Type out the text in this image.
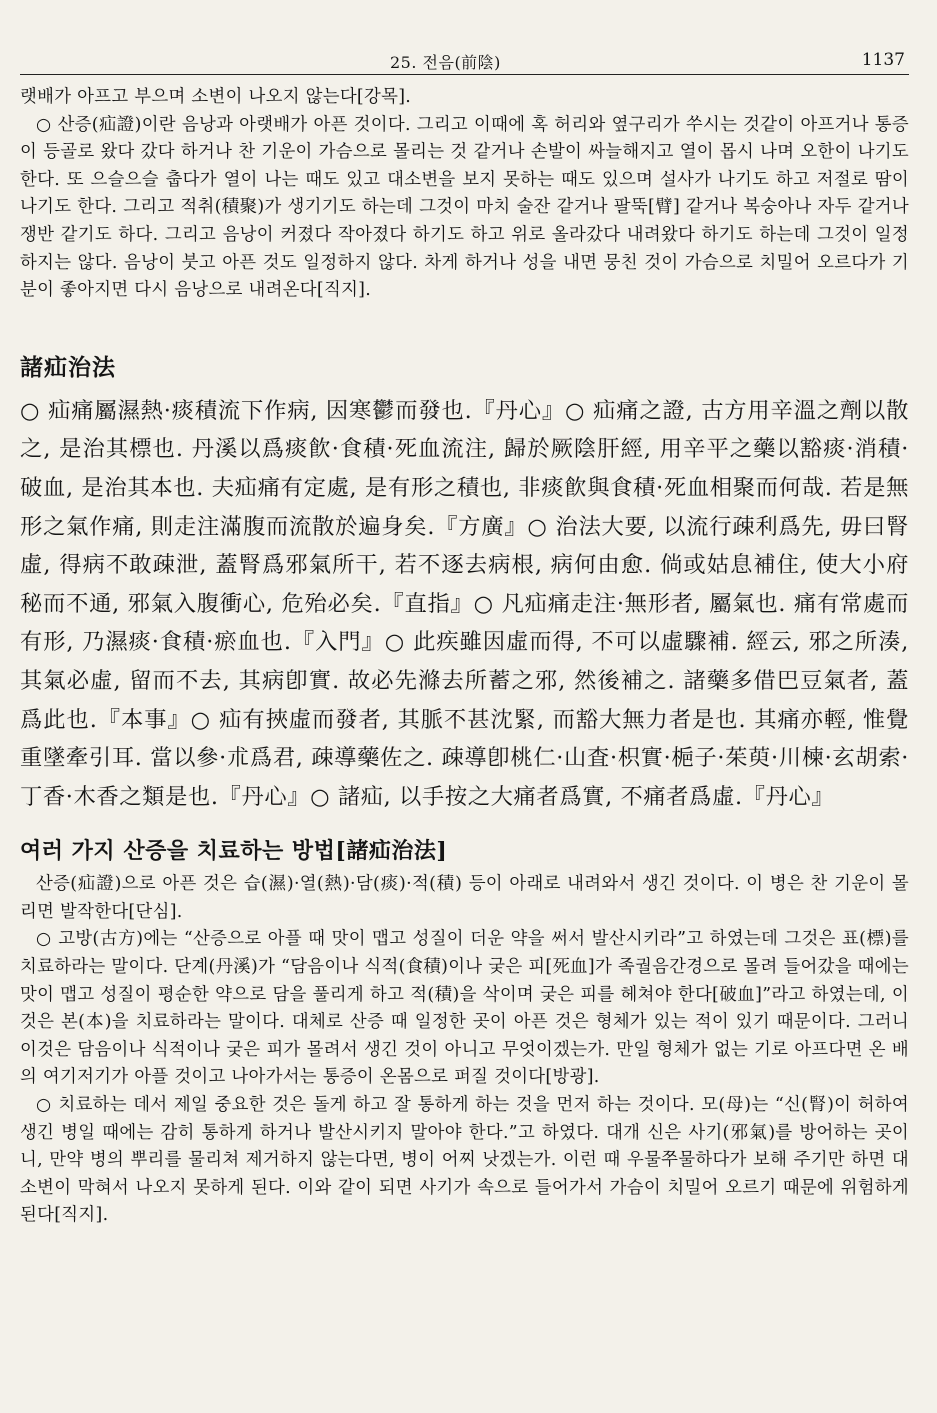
25. 전음(前陰)	1137

랫배가 아프고 부으며 소변이 나오지 않는다[강목].

○ 산증(疝證)이란 음낭과 아랫배가 아픈 것이다. 그리고 이때에 혹 허리와 옆구리가 쑤시는 것같이 아프거나 통증이 등골로 왔다 갔다 하거나 찬 기운이 가슴으로 몰리는 것 같거나 손발이 싸늘해지고 열이 몹시 나며 오한이 나기도 한다. 또 으슬으슬 춥다가 열이 나는 때도 있고 대소변을 보지 못하는 때도 있으며 설사가 나기도 하고 저절로 땀이 나기도 한다. 그리고 적취(積聚)가 생기기도 하는데 그것이 마치 술잔 같거나 팔뚝[臂] 같거나 복숭아나 자두 같거나 쟁반 같기도 하다. 그리고 음낭이 커졌다 작아졌다 하기도 하고 위로 올라갔다 내려왔다 하기도 하는데 그것이 일정하지는 않다. 음낭이 붓고 아픈 것도 일정하지 않다. 차게 하거나 성을 내면 뭉친 것이 가슴으로 치밀어 오르다가 기분이 좋아지면 다시 음낭으로 내려온다[직지].

諸疝治法

○ 疝痛屬濕熱·痰積流下作病, 因寒鬱而發也.『丹心』○ 疝痛之證, 古方用辛溫之劑以散之, 是治其標也. 丹溪以爲痰飮·食積·死血流注, 歸於厥陰肝經, 用辛平之藥以豁痰·消積·破血, 是治其本也. 夫疝痛有定處, 是有形之積也, 非痰飮與食積·死血相聚而何哉. 若是無形之氣作痛, 則走注滿腹而流散於遍身矣.『方廣』○ 治法大要, 以流行疎利爲先, 毋曰腎虛, 得病不敢疎泄, 蓋腎爲邪氣所干, 若不逐去病根, 病何由愈. 倘或姑息補住, 使大小府秘而不通, 邪氣入腹衝心, 危殆必矣.『直指』○ 凡疝痛走注·無形者, 屬氣也. 痛有常處而有形, 乃濕痰·食積·瘀血也.『入門』○ 此疾雖因虛而得, 不可以虛驟補. 經云, 邪之所湊, 其氣必虛, 留而不去, 其病卽實. 故必先滌去所蓄之邪, 然後補之. 諸藥多借巴豆氣者, 蓋爲此也.『本事』○ 疝有挾虛而發者, 其脈不甚沈緊, 而豁大無力者是也. 其痛亦輕, 惟覺重墜牽引耳. 當以參·朮爲君, 疎導藥佐之. 疎導卽桃仁·山査·枳實·梔子·茱萸·川楝·玄胡索·丁香·木香之類是也.『丹心』○ 諸疝, 以手按之大痛者爲實, 不痛者爲虛.『丹心』

여러 가지 산증을 치료하는 방법[諸疝治法]

산증(疝證)으로 아픈 것은 습(濕)·열(熱)·담(痰)·적(積) 등이 아래로 내려와서 생긴 것이다. 이 병은 찬 기운이 몰리면 발작한다[단심].

○ 고방(古方)에는 “산증으로 아플 때 맛이 맵고 성질이 더운 약을 써서 발산시키라”고 하였는데 그것은 표(標)를 치료하라는 말이다. 단계(丹溪)가 “담음이나 식적(食積)이나 궂은 피[死血]가 족궐음간경으로 몰려 들어갔을 때에는 맛이 맵고 성질이 평순한 약으로 담을 풀리게 하고 적(積)을 삭이며 궂은 피를 헤쳐야 한다[破血]”라고 하였는데, 이것은 본(本)을 치료하라는 말이다. 대체로 산증 때 일정한 곳이 아픈 것은 형체가 있는 적이 있기 때문이다. 그러니 이것은 담음이나 식적이나 궂은 피가 몰려서 생긴 것이 아니고 무엇이겠는가. 만일 형체가 없는 기로 아프다면 온 배의 여기저기가 아플 것이고 나아가서는 통증이 온몸으로 퍼질 것이다[방광].

○ 치료하는 데서 제일 중요한 것은 돌게 하고 잘 통하게 하는 것을 먼저 하는 것이다. 모(母)는 “신(腎)이 허하여 생긴 병일 때에는 감히 통하게 하거나 발산시키지 말아야 한다.”고 하였다. 대개 신은 사기(邪氣)를 방어하는 곳이니, 만약 병의 뿌리를 물리쳐 제거하지 않는다면, 병이 어찌 낫겠는가. 이런 때 우물쭈물하다가 보해 주기만 하면 대소변이 막혀서 나오지 못하게 된다. 이와 같이 되면 사기가 속으로 들어가서 가슴이 치밀어 오르기 때문에 위험하게 된다[직지].
